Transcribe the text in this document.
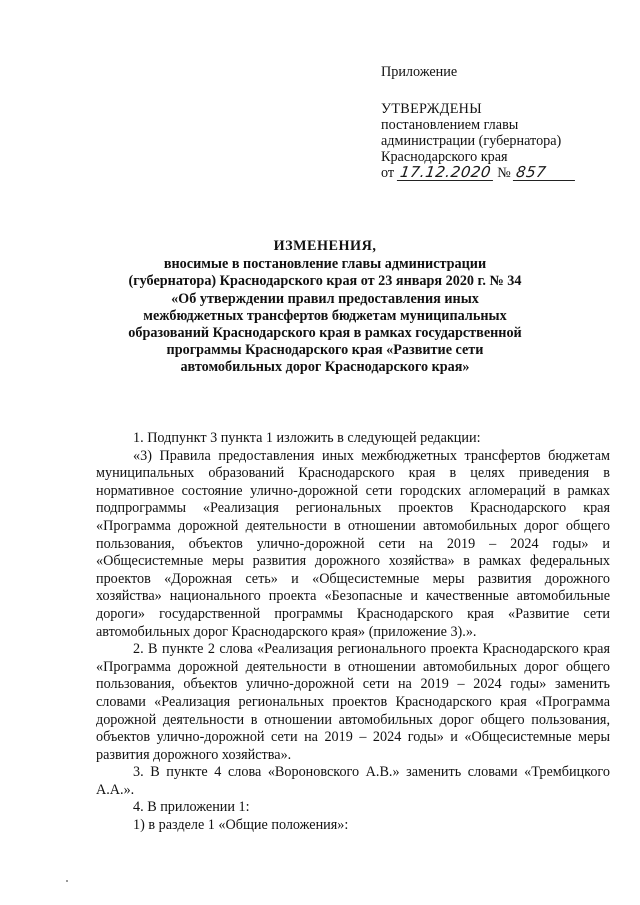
Приложение
УТВЕРЖДЕНЫ
постановлением главы
администрации (губернатора)
Краснодарского края
от 17.12.2020 № 857
ИЗМЕНЕНИЯ,
вносимые в постановление главы администрации
(губернатора) Краснодарского края от 23 января 2020 г. № 34
«Об утверждении правил предоставления иных
межбюджетных трансфертов бюджетам муниципальных
образований Краснодарского края в рамках государственной
программы Краснодарского края «Развитие сети
автомобильных дорог Краснодарского края»

1. Подпункт 3 пункта 1 изложить в следующей редакции:

«3) Правила предоставления иных межбюджетных трансфертов бюджетам муниципальных образований Краснодарского края в целях приведения в нормативное состояние улично-дорожной сети городских агломераций в рамках подпрограммы «Реализация региональных проектов Краснодарского края «Программа дорожной деятельности в отношении автомобильных дорог общего пользования, объектов улично-дорожной сети на 2019 – 2024 годы» и «Общесистемные меры развития дорожного хозяйства» в рамках федеральных проектов «Дорожная сеть» и «Общесистемные меры развития дорожного хозяйства» национального проекта «Безопасные и качественные автомобильные дороги» государственной программы Краснодарского края «Развитие сети автомобильных дорог Краснодарского края» (приложение 3).».

2. В пункте 2 слова «Реализация регионального проекта Краснодарского края «Программа дорожной деятельности в отношении автомобильных дорог общего пользования, объектов улично-дорожной сети на 2019 – 2024 годы» заменить словами «Реализация региональных проектов Краснодарского края «Программа дорожной деятельности в отношении автомобильных дорог общего пользования, объектов улично-дорожной сети на 2019 – 2024 годы» и «Общесистемные меры развития дорожного хозяйства».

3. В пункте 4 слова «Вороновского А.В.» заменить словами «Трембицкого А.А.».

4. В приложении 1:

1) в разделе 1 «Общие положения»:
